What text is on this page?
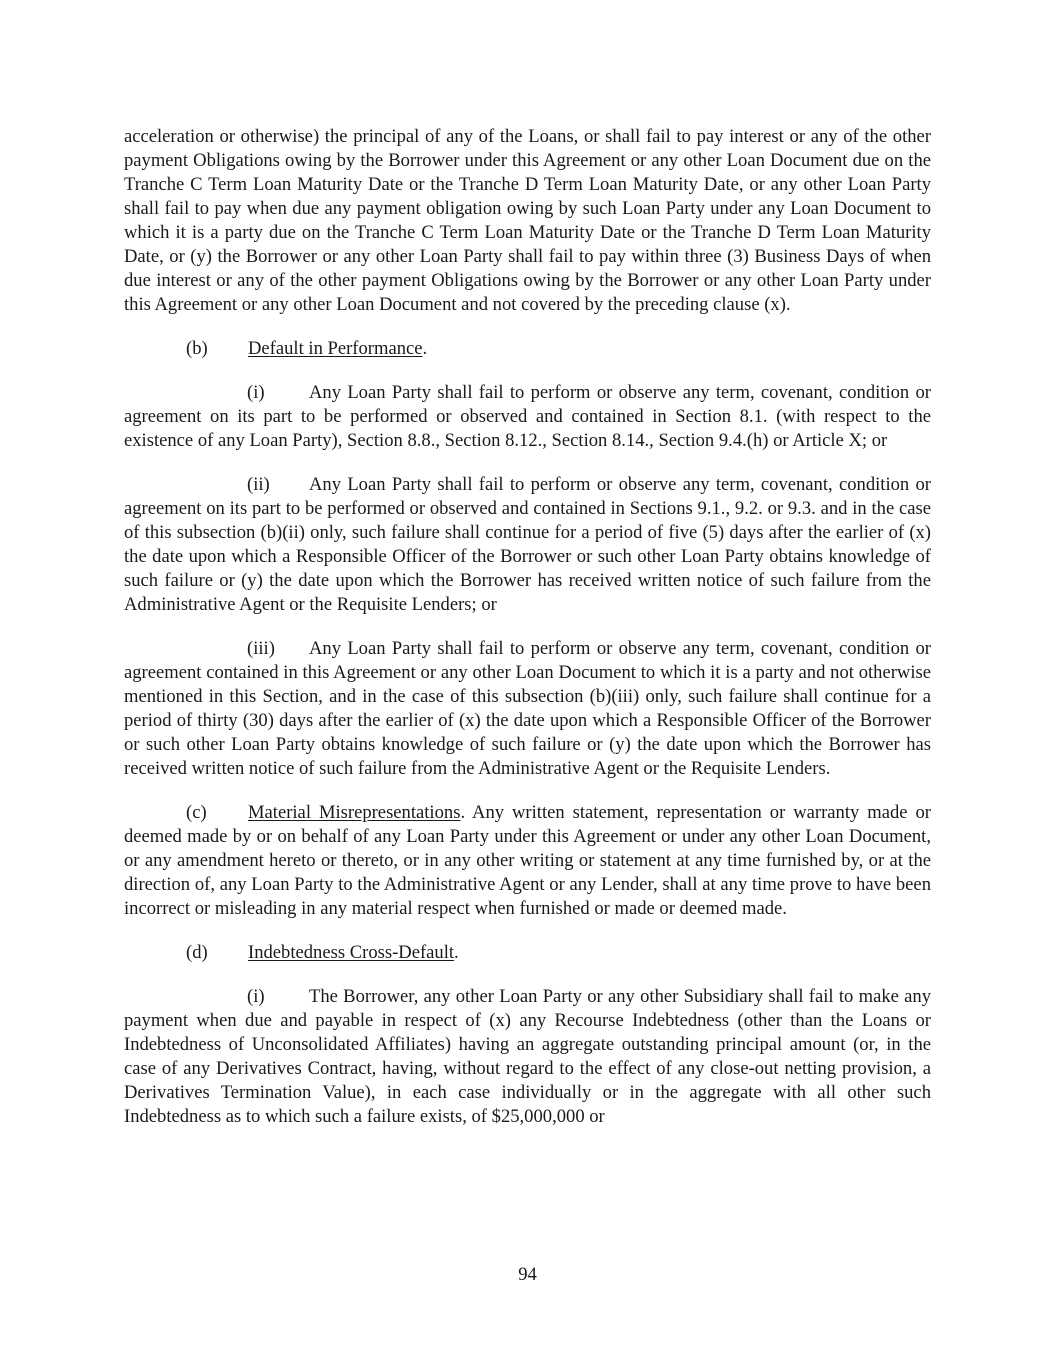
acceleration or otherwise) the principal of any of the Loans, or shall fail to pay interest or any of the other payment Obligations owing by the Borrower under this Agreement or any other Loan Document due on the Tranche C Term Loan Maturity Date or the Tranche D Term Loan Maturity Date, or any other Loan Party shall fail to pay when due any payment obligation owing by such Loan Party under any Loan Document to which it is a party due on the Tranche C Term Loan Maturity Date or the Tranche D Term Loan Maturity Date, or (y) the Borrower or any other Loan Party shall fail to pay within three (3) Business Days of when due interest or any of the other payment Obligations owing by the Borrower or any other Loan Party under this Agreement or any other Loan Document and not covered by the preceding clause (x).

(b) Default in Performance.

(i) Any Loan Party shall fail to perform or observe any term, covenant, condition or agreement on its part to be performed or observed and contained in Section 8.1. (with respect to the existence of any Loan Party), Section 8.8., Section 8.12., Section 8.14., Section 9.4.(h) or Article X; or

(ii) Any Loan Party shall fail to perform or observe any term, covenant, condition or agreement on its part to be performed or observed and contained in Sections 9.1., 9.2. or 9.3. and in the case of this subsection (b)(ii) only, such failure shall continue for a period of five (5) days after the earlier of (x) the date upon which a Responsible Officer of the Borrower or such other Loan Party obtains knowledge of such failure or (y) the date upon which the Borrower has received written notice of such failure from the Administrative Agent or the Requisite Lenders; or

(iii) Any Loan Party shall fail to perform or observe any term, covenant, condition or agreement contained in this Agreement or any other Loan Document to which it is a party and not otherwise mentioned in this Section, and in the case of this subsection (b)(iii) only, such failure shall continue for a period of thirty (30) days after the earlier of (x) the date upon which a Responsible Officer of the Borrower or such other Loan Party obtains knowledge of such failure or (y) the date upon which the Borrower has received written notice of such failure from the Administrative Agent or the Requisite Lenders.

(c) Material Misrepresentations. Any written statement, representation or warranty made or deemed made by or on behalf of any Loan Party under this Agreement or under any other Loan Document, or any amendment hereto or thereto, or in any other writing or statement at any time furnished by, or at the direction of, any Loan Party to the Administrative Agent or any Lender, shall at any time prove to have been incorrect or misleading in any material respect when furnished or made or deemed made.

(d) Indebtedness Cross-Default.

(i) The Borrower, any other Loan Party or any other Subsidiary shall fail to make any payment when due and payable in respect of (x) any Recourse Indebtedness (other than the Loans or Indebtedness of Unconsolidated Affiliates) having an aggregate outstanding principal amount (or, in the case of any Derivatives Contract, having, without regard to the effect of any close-out netting provision, a Derivatives Termination Value), in each case individually or in the aggregate with all other such Indebtedness as to which such a failure exists, of $25,000,000 or

94
